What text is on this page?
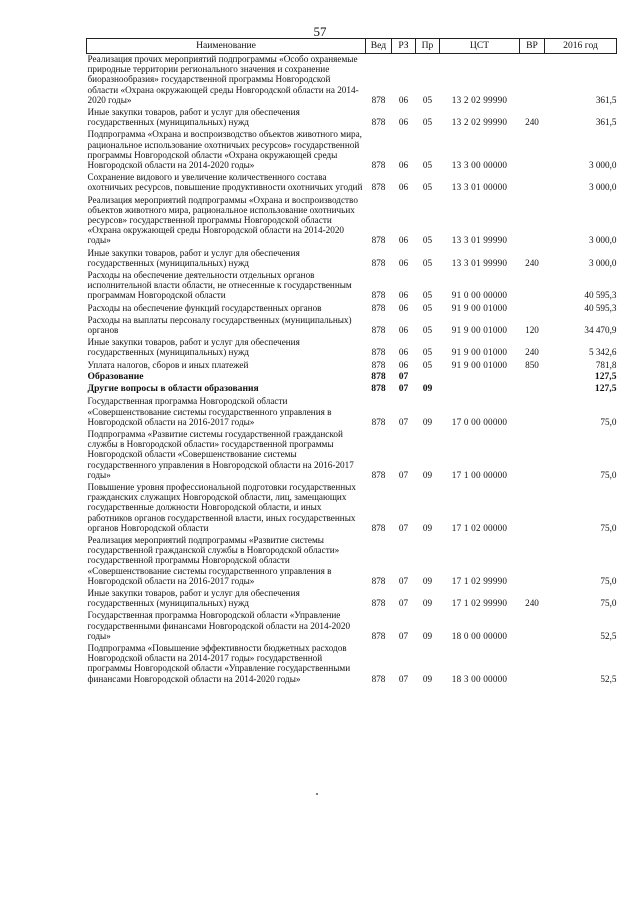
57
Наименование	Вед	РЗ	Пр	ЦСТ	ВР	2016 год
Реализация прочих мероприятий подпрограммы «Особо охраняемые природные территории регионального значения и сохранение биоразнообразия» государственной программы Новгородской области «Охрана окружающей среды Новгородской области на 2014-2020 годы»	878	06	05	13 2 02 99990		361,5
Иные закупки товаров, работ и услуг для обеспечения государственных (муниципальных) нужд	878	06	05	13 2 02 99990	240	361,5
Подпрограмма «Охрана и воспроизводство объектов животного мира, рациональное использование охотничьих ресурсов» государственной программы Новгородской области «Охрана окружающей среды Новгородской области на 2014-2020 годы»	878	06	05	13 3 00 00000		3 000,0
Сохранение видового и увеличение количественного состава охотничьих ресурсов, повышение продуктивности охотничьих угодий	878	06	05	13 3 01 00000		3 000,0
Реализация мероприятий подпрограммы «Охрана и воспроизводство объектов животного мира, рациональное использование охотничьих ресурсов» государственной программы Новгородской области «Охрана окружающей среды Новгородской области на 2014-2020 годы»	878	06	05	13 3 01 99990		3 000,0
Иные закупки товаров, работ и услуг для обеспечения государственных (муниципальных) нужд	878	06	05	13 3 01 99990	240	3 000,0
Расходы на обеспечение деятельности отдельных органов исполнительной власти области, не отнесенные к государственным программам Новгородской области	878	06	05	91 0 00 00000		40 595,3
Расходы на обеспечение функций государственных органов	878	06	05	91 9 00 01000		40 595,3
Расходы на выплаты персоналу государственных (муниципальных) органов	878	06	05	91 9 00 01000	120	34 470,9
Иные закупки товаров, работ и услуг для обеспечения государственных (муниципальных) нужд	878	06	05	91 9 00 01000	240	5 342,6
Уплата налогов, сборов и иных платежей	878	06	05	91 9 00 01000	850	781,8
Образование	878	07				127,5
Другие вопросы в области образования	878	07	09			127,5
Государственная программа Новгородской области «Совершенствование системы государственного управления в Новгородской области на 2016-2017 годы»	878	07	09	17 0 00 00000		75,0
Подпрограмма «Развитие системы государственной гражданской службы в Новгородской области» государственной программы Новгородской области «Совершенствование системы государственного управления в Новгородской области на 2016-2017 годы»	878	07	09	17 1 00 00000		75,0
Повышение уровня профессиональной подготовки государственных гражданских служащих Новгородской области, лиц, замещающих государственные должности Новгородской области, и иных работников органов государственной власти, иных государственных органов Новгородской области	878	07	09	17 1 02 00000		75,0
Реализация мероприятий подпрограммы «Развитие системы государственной гражданской службы в Новгородской области» государственной программы Новгородской области «Совершенствование системы государственного управления в Новгородской области на 2016-2017 годы»	878	07	09	17 1 02 99990		75,0
Иные закупки товаров, работ и услуг для обеспечения государственных (муниципальных) нужд	878	07	09	17 1 02 99990	240	75,0
Государственная программа Новгородской области «Управление государственными финансами Новгородской области на 2014-2020 годы»	878	07	09	18 0 00 00000		52,5
Подпрограмма «Повышение эффективности бюджетных расходов Новгородской области на 2014-2017 годы» государственной программы Новгородской области «Управление государственными финансами Новгородской области на 2014-2020 годы»	878	07	09	18 3 00 00000		52,5
